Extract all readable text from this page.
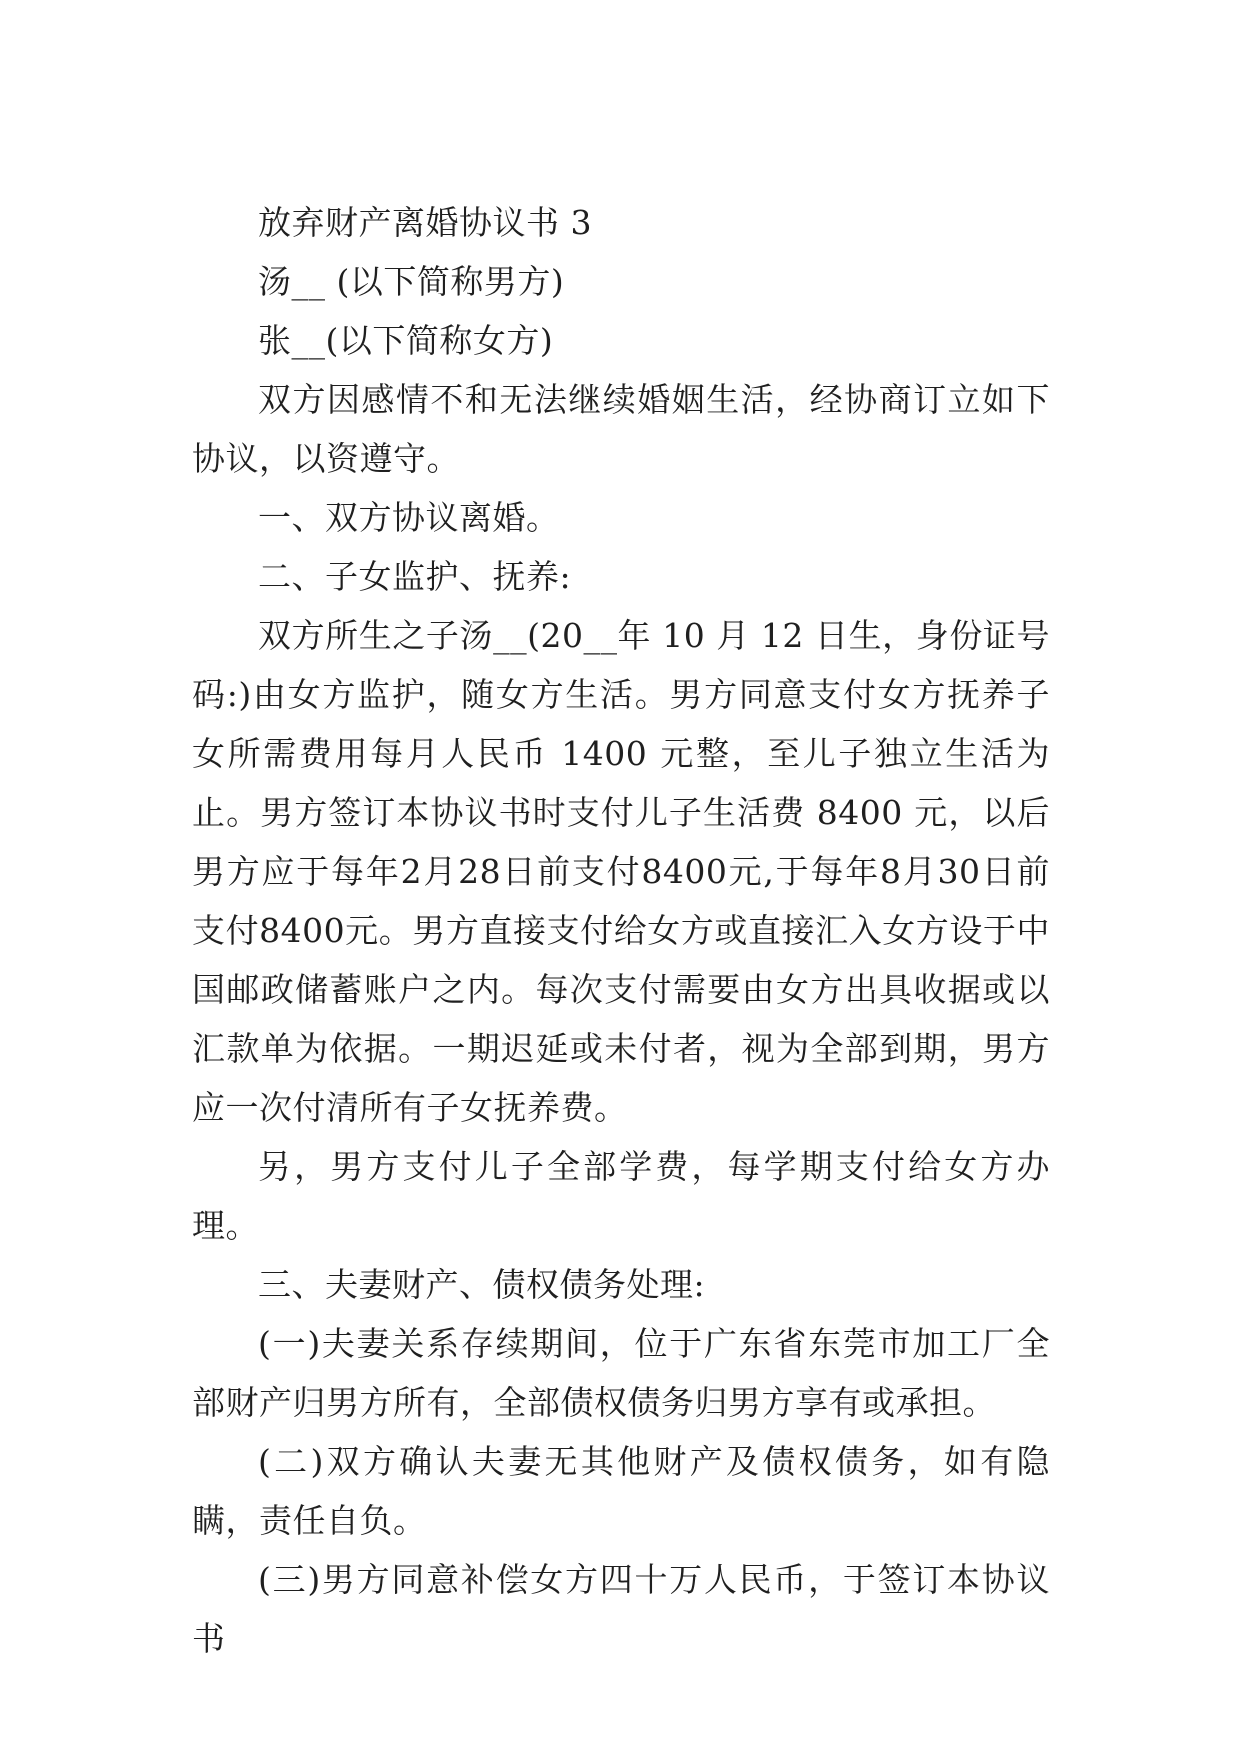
放弃财产离婚协议书 3

汤__ (以下简称男方)

张__(以下简称女方)

双方因感情不和无法继续婚姻生活，经协商订立如下协议，以资遵守。

一、双方协议离婚。

二、子女监护、抚养:

双方所生之子汤__(20__年 10 月 12 日生，身份证号码:)由女方监护，随女方生活。男方同意支付女方抚养子女所需费用每月人民币 1400 元整，至儿子独立生活为止。男方签订本协议书时支付儿子生活费 8400 元，以后男方应于每年2月28日前支付8400元,于每年8月30日前支付8400元。男方直接支付给女方或直接汇入女方设于中国邮政储蓄账户之内。每次支付需要由女方出具收据或以汇款单为依据。一期迟延或未付者，视为全部到期，男方应一次付清所有子女抚养费。

另，男方支付儿子全部学费，每学期支付给女方办理。

三、夫妻财产、债权债务处理:

(一)夫妻关系存续期间，位于广东省东莞市加工厂全部财产归男方所有，全部债权债务归男方享有或承担。

(二)双方确认夫妻无其他财产及债权债务，如有隐瞒，责任自负。

(三)男方同意补偿女方四十万人民币，于签订本协议书
